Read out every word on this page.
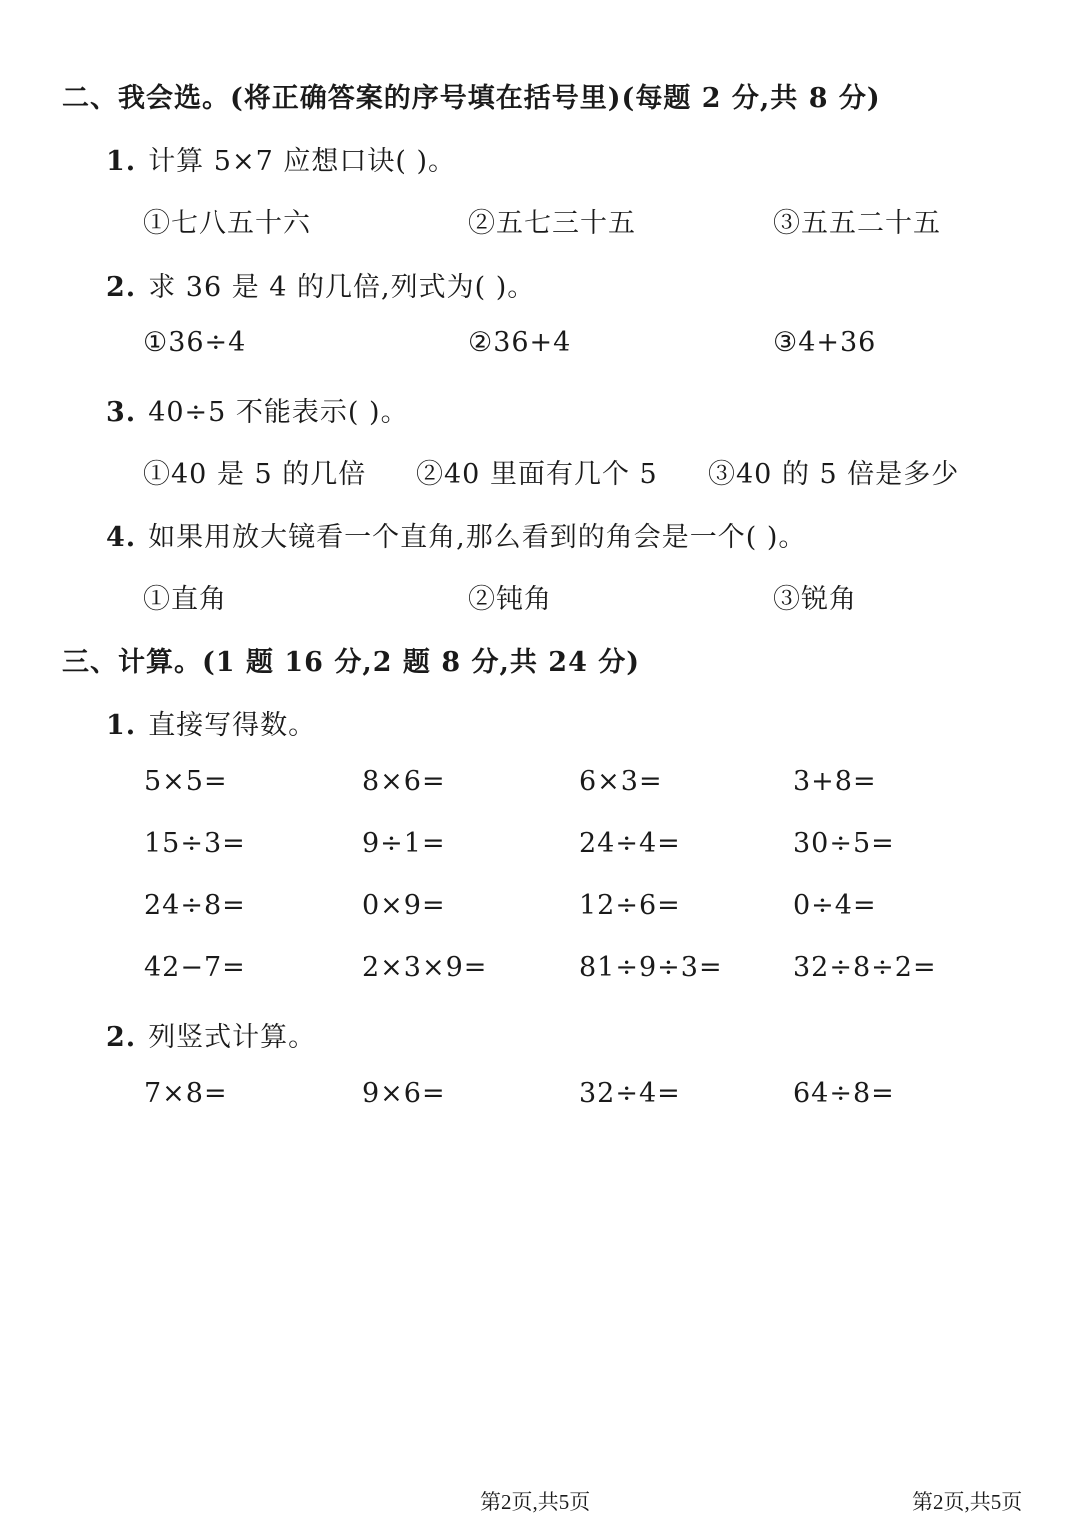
二、我会选。(将正确答案的序号填在括号里)(每题 2 分,共 8 分)
1. 计算 5×7 应想口诀( )。
①七八五十六	②五七三十五	③五五二十五
2. 求 36 是 4 的几倍,列式为( )。
①36÷4	②36+4	③4+36
3. 40÷5 不能表示( )。
①40 是 5 的几倍 ②40 里面有几个 5 ③40 的 5 倍是多少
4. 如果用放大镜看一个直角,那么看到的角会是一个( )。
①直角	②钝角	③锐角
三、计算。(1 题 16 分,2 题 8 分,共 24 分)
1. 直接写得数。
5×5=	8×6=	6×3=	3+8=
15÷3=	9÷1=	24÷4=	30÷5=
24÷8=	0×9=	12÷6=	0÷4=
42−7=	2×3×9=	81÷9÷3=	32÷8÷2=
2. 列竖式计算。
7×8=	9×6=	32÷4=	64÷8=
第2页,共5页	第2页,共5页
